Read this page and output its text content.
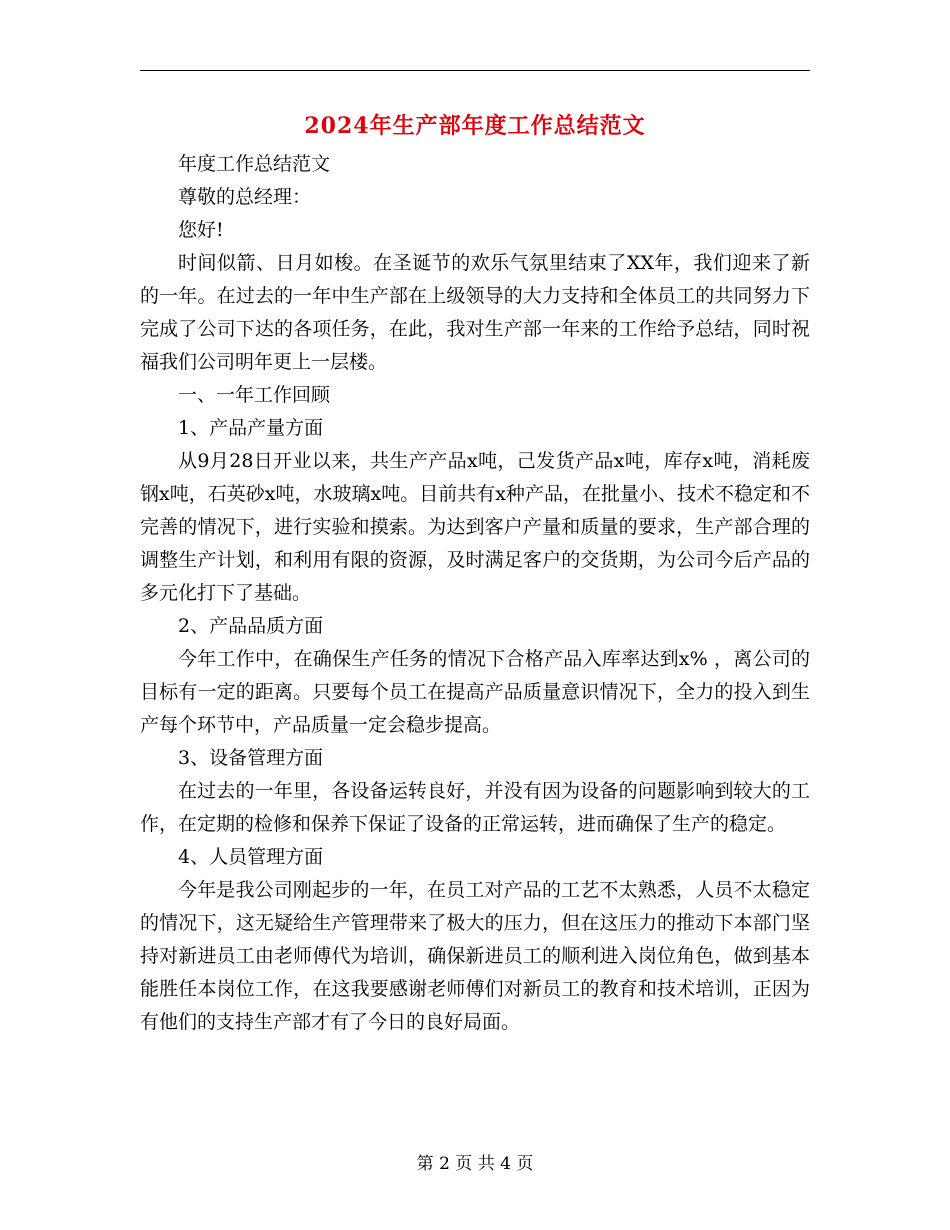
2024年生产部年度工作总结范文

年度工作总结范文

尊敬的总经理：

您好!

时间似箭、日月如梭。在圣诞节的欢乐气氛里结束了XX年，我们迎来了新的一年。在过去的一年中生产部在上级领导的大力支持和全体员工的共同努力下完成了公司下达的各项任务，在此，我对生产部一年来的工作给予总结，同时祝福我们公司明年更上一层楼。

一、一年工作回顾

1、产品产量方面

从9月28日开业以来，共生产产品x吨，己发货产品x吨，库存x吨，消耗废钢x吨，石英砂x吨，水玻璃x吨。目前共有x种产品，在批量小、技术不稳定和不完善的情况下，进行实验和摸索。为达到客户产量和质量的要求，生产部合理的调整生产计划，和利用有限的资源，及时满足客户的交货期，为公司今后产品的多元化打下了基础。

2、产品品质方面

今年工作中，在确保生产任务的情况下合格产品入库率达到x% ，离公司的目标有一定的距离。只要每个员工在提高产品质量意识情况下，全力的投入到生产每个环节中，产品质量一定会稳步提高。

3、设备管理方面

在过去的一年里，各设备运转良好，并没有因为设备的问题影响到较大的工作，在定期的检修和保养下保证了设备的正常运转，进而确保了生产的稳定。

4、人员管理方面

今年是我公司刚起步的一年，在员工对产品的工艺不太熟悉，人员不太稳定的情况下，这无疑给生产管理带来了极大的压力，但在这压力的推动下本部门坚持对新进员工由老师傅代为培训，确保新进员工的顺利进入岗位角色，做到基本能胜任本岗位工作，在这我要感谢老师傅们对新员工的教育和技术培训，正因为有他们的支持生产部才有了今日的良好局面。

第 2 页 共 4 页
